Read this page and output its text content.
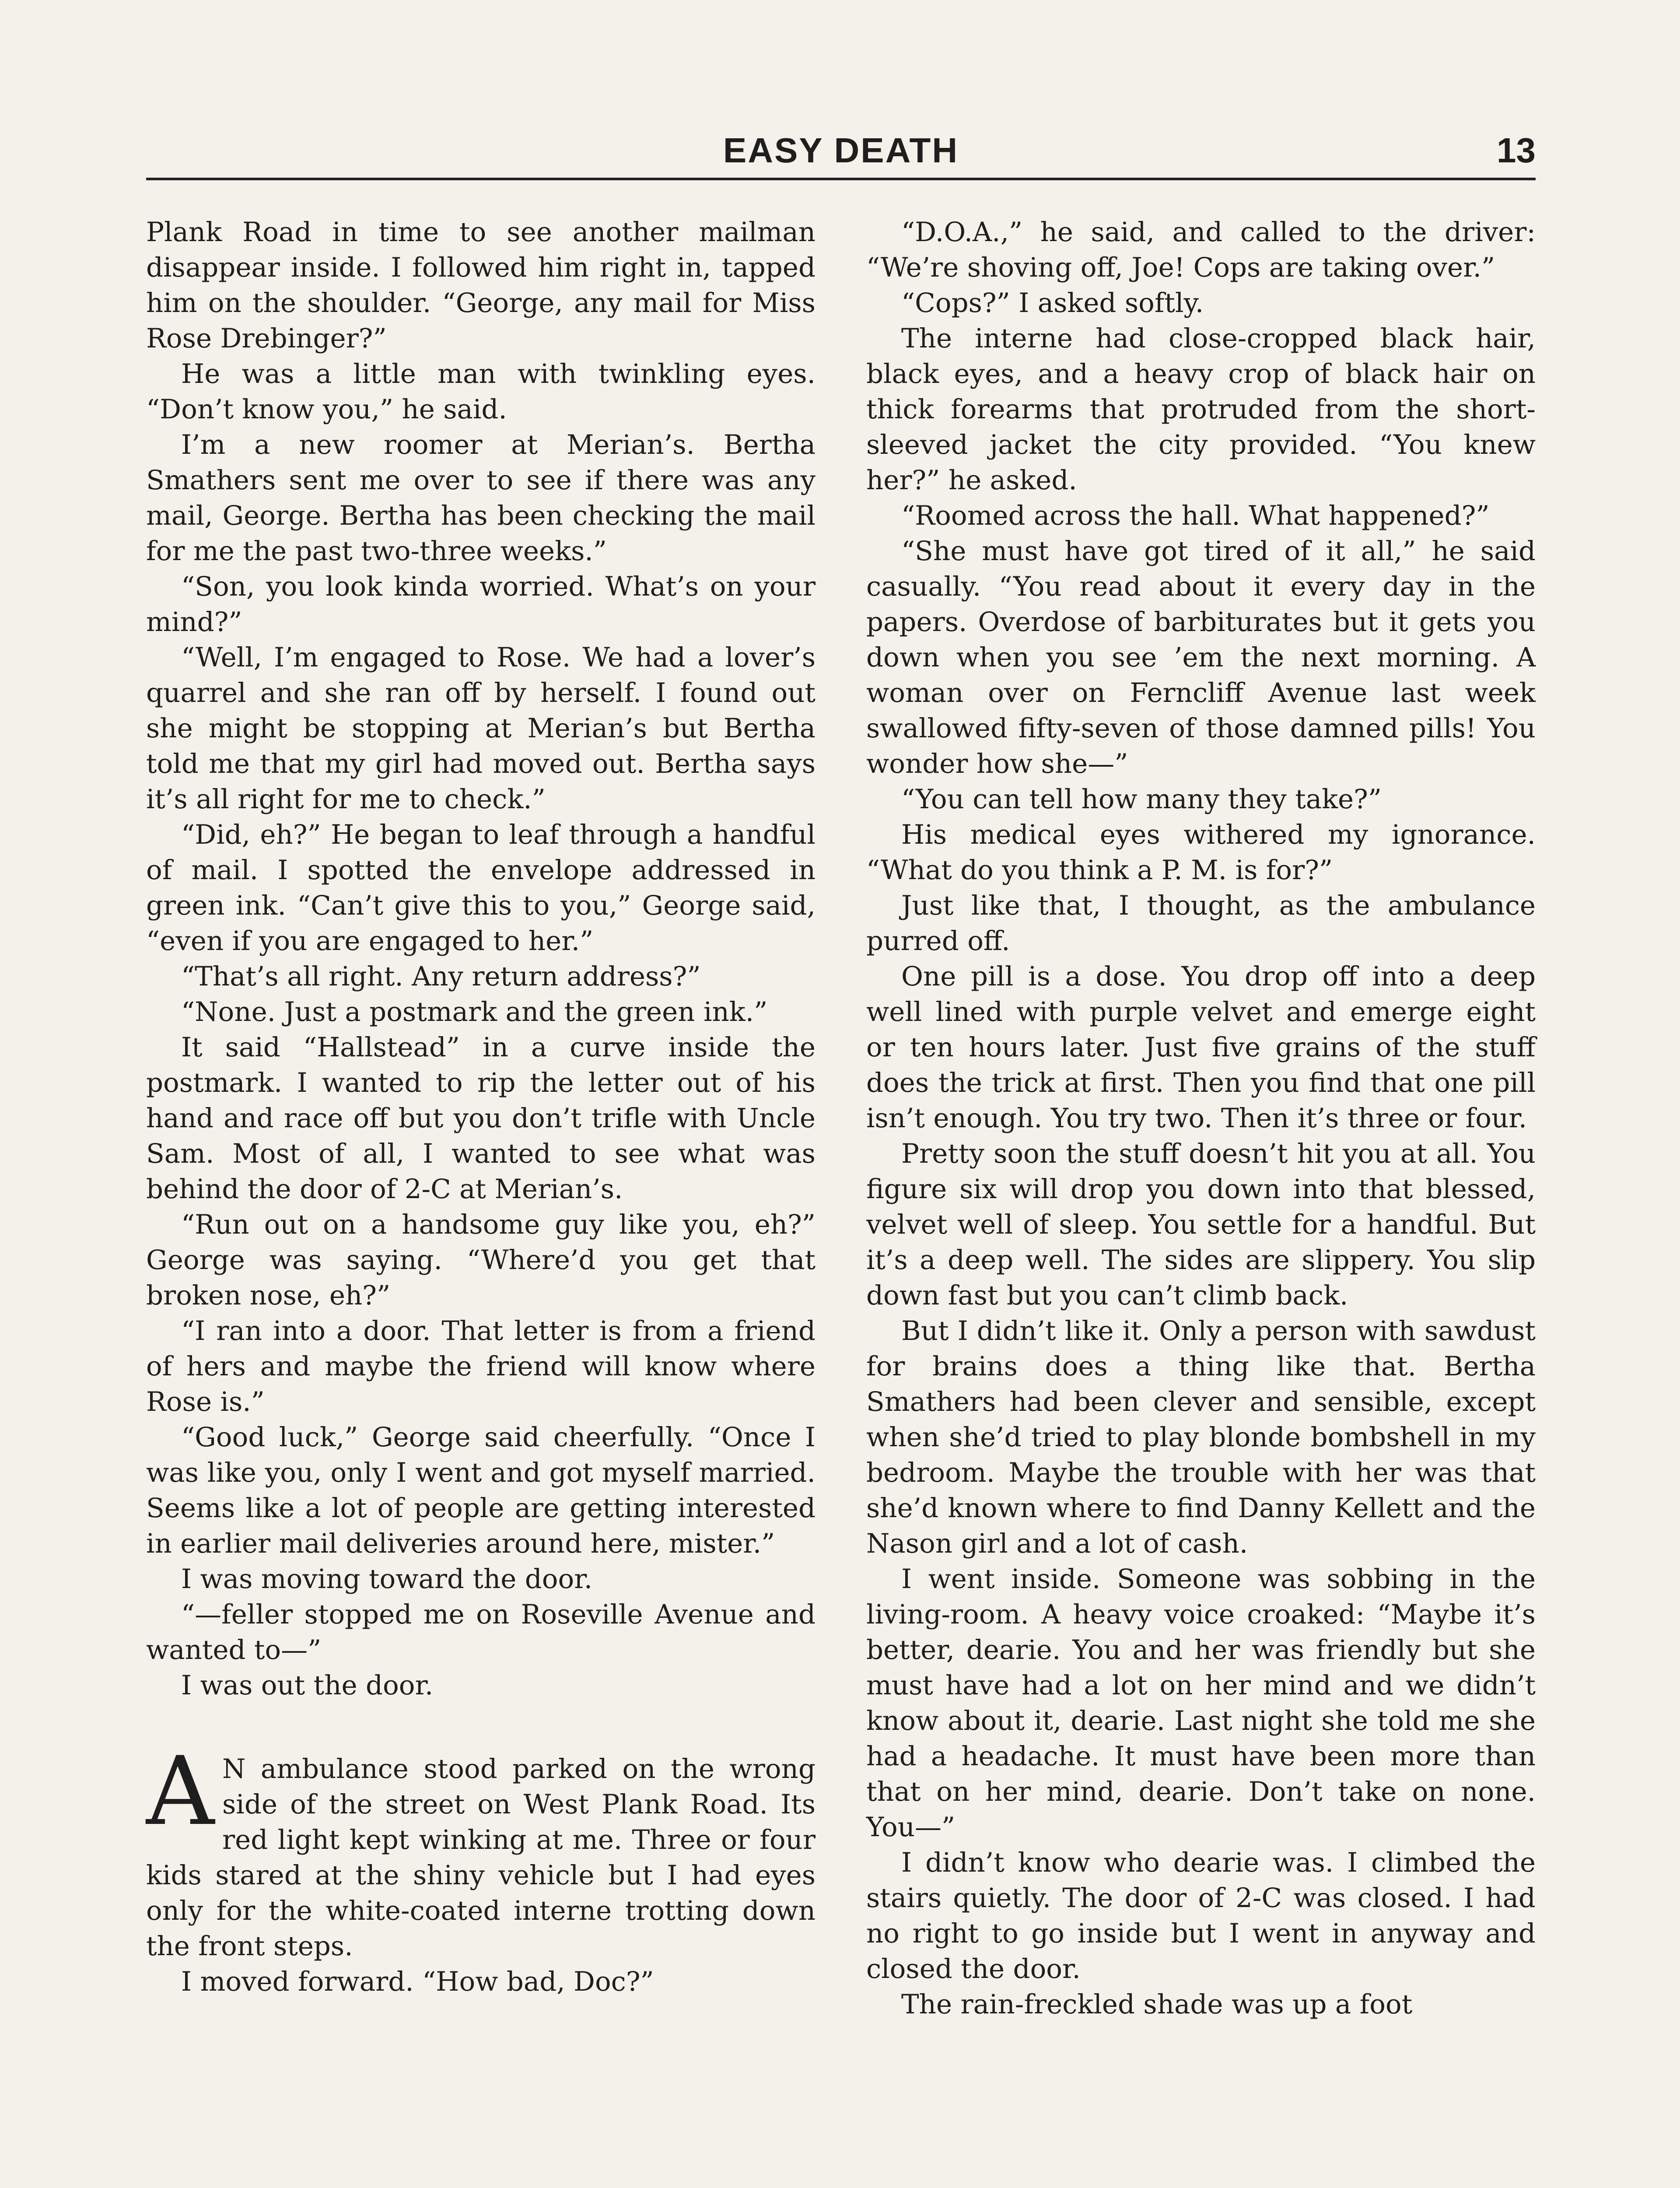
EASY DEATH	13

Plank Road in time to see another mailman disappear inside. I followed him right in, tapped him on the shoulder. “George, any mail for Miss Rose Drebinger?”

He was a little man with twinkling eyes. “Don’t know you,” he said.

I’m a new roomer at Merian’s. Bertha Smathers sent me over to see if there was any mail, George. Bertha has been checking the mail for me the past two-three weeks.”

“Son, you look kinda worried. What’s on your mind?”

“Well, I’m engaged to Rose. We had a lover’s quarrel and she ran off by herself. I found out she might be stopping at Merian’s but Bertha told me that my girl had moved out. Bertha says it’s all right for me to check.”

“Did, eh?” He began to leaf through a handful of mail. I spotted the envelope addressed in green ink. “Can’t give this to you,” George said, “even if you are engaged to her.”

“That’s all right. Any return address?”

“None. Just a postmark and the green ink.”

It said “Hallstead” in a curve inside the postmark. I wanted to rip the letter out of his hand and race off but you don’t trifle with Uncle Sam. Most of all, I wanted to see what was behind the door of 2-C at Merian’s.

“Run out on a handsome guy like you, eh?” George was saying. “Where’d you get that broken nose, eh?”

“I ran into a door. That letter is from a friend of hers and maybe the friend will know where Rose is.”

“Good luck,” George said cheerfully. “Once I was like you, only I went and got myself married. Seems like a lot of people are getting interested in earlier mail deliveries around here, mister.”

I was moving toward the door.

“—feller stopped me on Roseville Avenue and wanted to—”

I was out the door.

A N ambulance stood parked on the wrong side of the street on West Plank Road. Its red light kept winking at me. Three or four kids stared at the shiny vehicle but I had eyes only for the white-coated interne trotting down the front steps.

I moved forward. “How bad, Doc?”

“D.O.A.,” he said, and called to the driver: “We’re shoving off, Joe! Cops are taking over.”

“Cops?” I asked softly.

The interne had close-cropped black hair, black eyes, and a heavy crop of black hair on thick forearms that protruded from the short-sleeved jacket the city provided. “You knew her?” he asked.

“Roomed across the hall. What happened?”

“She must have got tired of it all,” he said casually. “You read about it every day in the papers. Overdose of barbiturates but it gets you down when you see ’em the next morning. A woman over on Ferncliff Avenue last week swallowed fifty-seven of those damned pills! You wonder how she—”

“You can tell how many they take?”

His medical eyes withered my ignorance. “What do you think a P. M. is for?”

Just like that, I thought, as the ambulance purred off.

One pill is a dose. You drop off into a deep well lined with purple velvet and emerge eight or ten hours later. Just five grains of the stuff does the trick at first. Then you find that one pill isn’t enough. You try two. Then it’s three or four.

Pretty soon the stuff doesn’t hit you at all. You figure six will drop you down into that blessed, velvet well of sleep. You settle for a handful. But it’s a deep well. The sides are slippery. You slip down fast but you can’t climb back.

But I didn’t like it. Only a person with sawdust for brains does a thing like that. Bertha Smathers had been clever and sensible, except when she’d tried to play blonde bombshell in my bedroom. Maybe the trouble with her was that she’d known where to find Danny Kellett and the Nason girl and a lot of cash.

I went inside. Someone was sobbing in the living-room. A heavy voice croaked: “Maybe it’s better, dearie. You and her was friendly but she must have had a lot on her mind and we didn’t know about it, dearie. Last night she told me she had a headache. It must have been more than that on her mind, dearie. Don’t take on none. You—”

I didn’t know who dearie was. I climbed the stairs quietly. The door of 2-C was closed. I had no right to go inside but I went in anyway and closed the door.

The rain-freckled shade was up a foot
